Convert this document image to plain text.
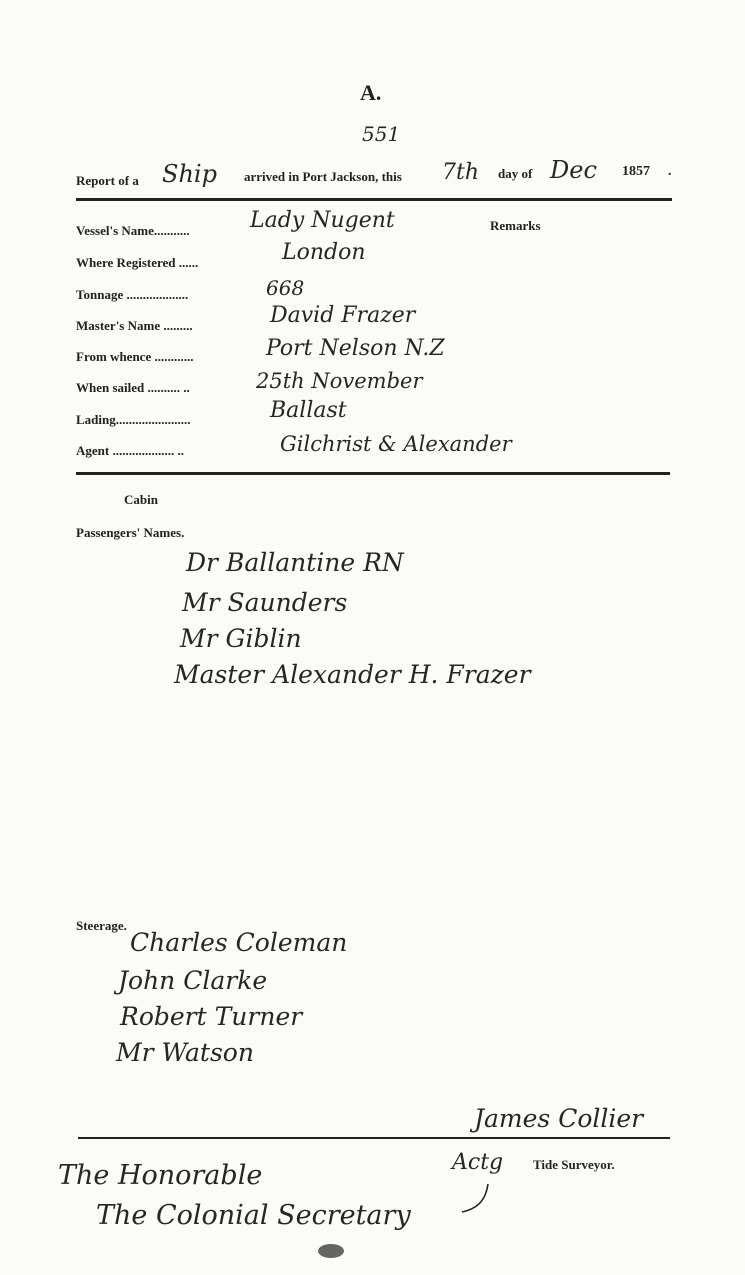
A.
551
Report of a Ship arrived in Port Jackson, this 7th day of Dec 1857 .
Remarks
Vessel's Name...........	Lady Nugent
Where Registered ......	London
Tonnage ...................	668
Master's Name .........	David Frazer
From whence ............	Port Nelson N.Z
When sailed .......... ..	25th November
Lading.......................	Ballast
Agent ................... ..	Gilchrist & Alexander
Cabin
Passengers' Names.
Dr Ballantine RN
Mr Saunders
Mr Giblin
Master Alexander H. Frazer
Steerage.
Charles Coleman
John Clarke
Robert Turner
Mr Watson
James Collier
Actg Tide Surveyor.
The Honorable
The Colonial Secretary
